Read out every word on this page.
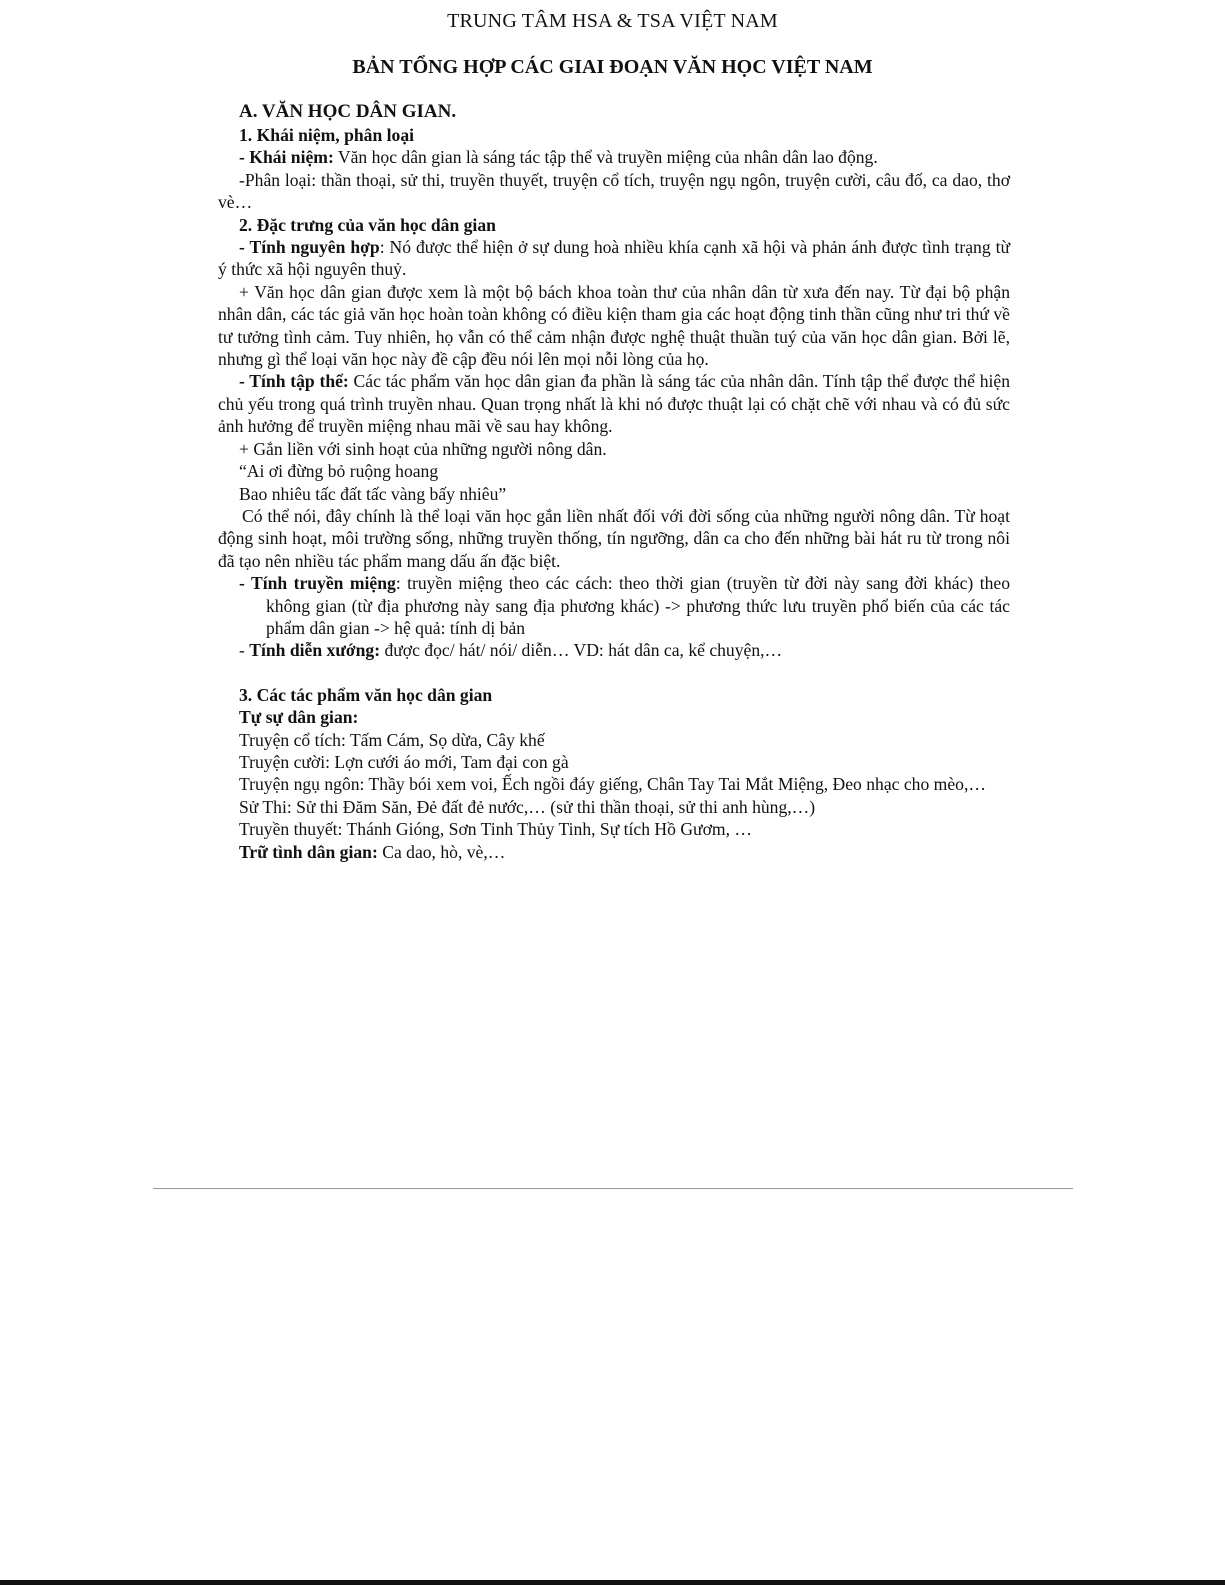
TRUNG TÂM HSA & TSA VIỆT NAM
BẢN TỔNG HỢP CÁC GIAI ĐOẠN VĂN HỌC VIỆT NAM

A. VĂN HỌC DÂN GIAN.

1. Khái niệm, phân loại

- Khái niệm: Văn học dân gian là sáng tác tập thể và truyền miệng của nhân dân lao động.

-Phân loại: thần thoại, sử thi, truyền thuyết, truyện cổ tích, truyện ngụ ngôn, truyện cười, câu đố, ca dao, thơ vè…

2. Đặc trưng của văn học dân gian

- Tính nguyên hợp: Nó được thể hiện ở sự dung hoà nhiều khía cạnh xã hội và phản ánh được tình trạng từ ý thức xã hội nguyên thuỷ.

+ Văn học dân gian được xem là một bộ bách khoa toàn thư của nhân dân từ xưa đến nay. Từ đại bộ phận nhân dân, các tác giả văn học hoàn toàn không có điều kiện tham gia các hoạt động tinh thần cũng như tri thứ về tư tưởng tình cảm. Tuy nhiên, họ vẫn có thể cảm nhận được nghệ thuật thuần tuý của văn học dân gian. Bởi lẽ, nhưng gì thể loại văn học này đề cập đều nói lên mọi nỗi lòng của họ.

- Tính tập thể: Các tác phẩm văn học dân gian đa phần là sáng tác của nhân dân. Tính tập thể được thể hiện chủ yếu trong quá trình truyền nhau. Quan trọng nhất là khi nó được thuật lại có chặt chẽ với nhau và có đủ sức ảnh hưởng để truyền miệng nhau mãi về sau hay không.

+ Gắn liền với sinh hoạt của những người nông dân.

“Ai ơi đừng bỏ ruộng hoang

Bao nhiêu tấc đất tấc vàng bấy nhiêu”

Có thể nói, đây chính là thể loại văn học gắn liền nhất đối với đời sống của những người nông dân. Từ hoạt động sinh hoạt, môi trường sống, những truyền thống, tín ngưỡng, dân ca cho đến những bài hát ru từ trong nôi đã tạo nên nhiều tác phẩm mang dấu ấn đặc biệt.

- Tính truyền miệng: truyền miệng theo các cách: theo thời gian (truyền từ đời này sang đời khác) theo không gian (từ địa phương này sang địa phương khác) -> phương thức lưu truyền phổ biến của các tác phẩm dân gian -> hệ quả: tính dị bản

- Tính diễn xướng: được đọc/ hát/ nói/ diễn… VD: hát dân ca, kể chuyện,…

3. Các tác phẩm văn học dân gian

Tự sự dân gian:

Truyện cổ tích: Tấm Cám, Sọ dừa, Cây khế

Truyện cười: Lợn cưới áo mới, Tam đại con gà

Truyện ngụ ngôn: Thầy bói xem voi, Ếch ngồi đáy giếng, Chân Tay Tai Mắt Miệng, Đeo nhạc cho mèo,…

Sử Thi: Sử thi Đăm Săn, Đẻ đất đẻ nước,… (sử thi thần thoại, sử thi anh hùng,…)

Truyền thuyết: Thánh Gióng, Sơn Tinh Thủy Tinh, Sự tích Hồ Gươm, …

Trữ tình dân gian: Ca dao, hò, vè,…
